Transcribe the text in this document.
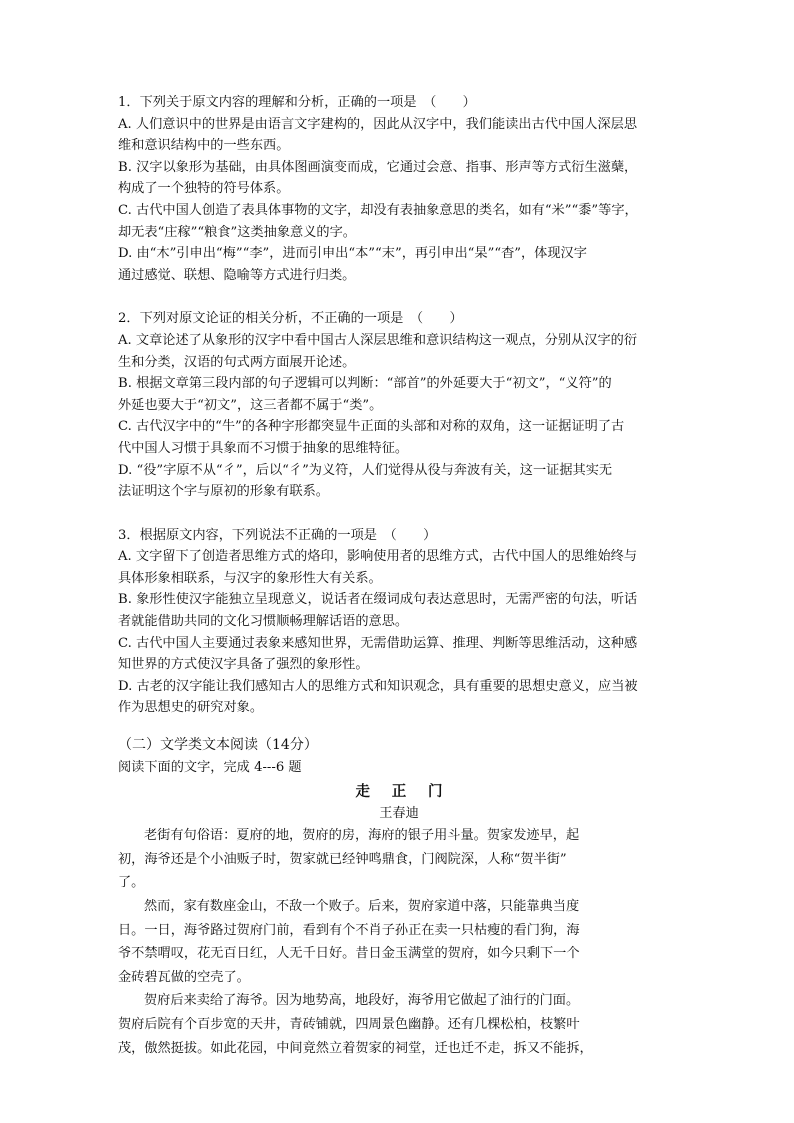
1．下列关于原文内容的理解和分析，正确的一项是　（　　）
A. 人们意识中的世界是由语言文字建构的，因此从汉字中，我们能读出古代中国人深层思
维和意识结构中的一些东西。
B. 汉字以象形为基础，由具体图画演变而成，它通过会意、指事、形声等方式衍生滋蘖，
构成了一个独特的符号体系。
C. 古代中国人创造了表具体事物的文字，却没有表抽象意思的类名，如有“米”“黍”等字，
却无表“庄稼”“粮食”这类抽象意义的字。
D. 由“木”引申出“梅”“李”，进而引申出“本”“末”，再引申出“杲”“杳”，体现汉字
通过感觉、联想、隐喻等方式进行归类。
2．下列对原文论证的相关分析，不正确的一项是　（　　）
A. 文章论述了从象形的汉字中看中国古人深层思维和意识结构这一观点，分别从汉字的衍
生和分类，汉语的句式两方面展开论述。
B. 根据文章第三段内部的句子逻辑可以判断：“部首”的外延要大于“初文”，“义符”的
外延也要大于“初文”，这三者都不属于“类”。
C. 古代汉字中的“牛”的各种字形都突显牛正面的头部和对称的双角，这一证据证明了古
代中国人习惯于具象而不习惯于抽象的思维特征。
D. “役”字原不从“彳”，后以“彳”为义符，人们觉得从役与奔波有关，这一证据其实无
法证明这个字与原初的形象有联系。
3．根据原文内容，下列说法不正确的一项是　（　　）
A. 文字留下了创造者思维方式的烙印，影响使用者的思维方式，古代中国人的思维始终与
具体形象相联系，与汉字的象形性大有关系。
B. 象形性使汉字能独立呈现意义，说话者在缀词成句表达意思时，无需严密的句法，听话
者就能借助共同的文化习惯顺畅理解话语的意思。
C. 古代中国人主要通过表象来感知世界，无需借助运算、推理、判断等思维活动，这种感
知世界的方式使汉字具备了强烈的象形性。
D. 古老的汉字能让我们感知古人的思维方式和知识观念，具有重要的思想史意义，应当被
作为思想史的研究对象。
（二）文学类文本阅读（14分）
阅读下面的文字，完成 4---6 题
走   正   门
王春迪
老街有句俗语：夏府的地，贺府的房，海府的银子用斗量。贺家发迹早，起
初，海爷还是个小油贩子时，贺家就已经钟鸣鼎食，门阀院深，人称“贺半街”
了。
然而，家有数座金山，不敌一个败子。后来，贺府家道中落，只能靠典当度
日。一日，海爷路过贺府门前，看到有个不肖子孙正在卖一只枯瘦的看门狗，海
爷不禁喟叹，花无百日红，人无千日好。昔日金玉满堂的贺府，如今只剩下一个
金砖碧瓦做的空壳了。
贺府后来卖给了海爷。因为地势高，地段好，海爷用它做起了油行的门面。
贺府后院有个百步宽的天井，青砖铺就，四周景色幽静。还有几棵松柏，枝繁叶
茂，傲然挺拔。如此花园，中间竟然立着贺家的祠堂，迁也迁不走，拆又不能拆，
